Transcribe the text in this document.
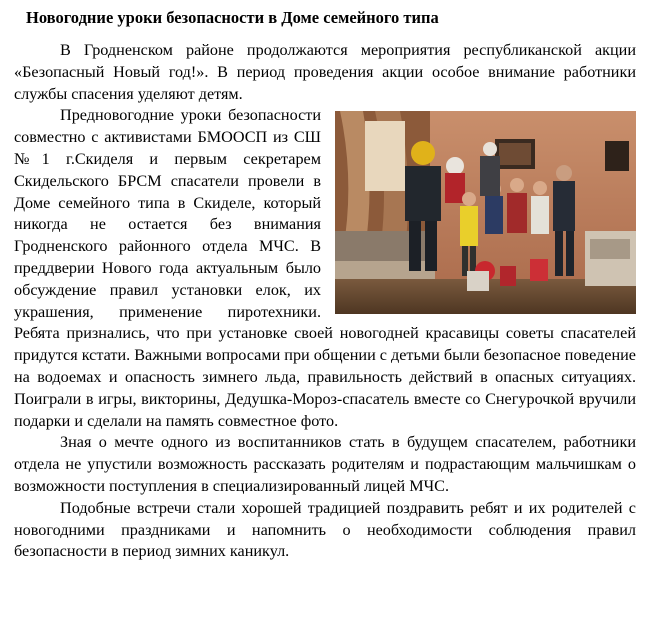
Новогодние уроки безопасности в Доме семейного типа

В Гродненском районе продолжаются мероприятия республиканской акции «Безопасный Новый год!». В период проведения акции особое внимание работники службы спасения уделяют детям.

Предновогодние уроки безопасности совместно с активистами БМООСП из СШ №1 г.Скиделя и первым секретарем Скидельского БРСМ спасатели провели в Доме семейного типа в Скиделе, который никогда не остается без внимания Гродненского районного отдела МЧС. В преддверии Нового года актуальным было обсуждение правил установки елок, их украшения, применение пиротехники. Ребята признались, что при установке своей новогодней красавицы советы спасателей придутся кстати. Важными вопросами при общении с детьми были безопасное поведение на водоемах и опасность зимнего льда, правильность действий в опасных ситуациях. Поиграли в игры, викторины, Дедушка-Мороз-спасатель вместе со Снегурочкой вручили подарки и сделали на память совместное фото.

Зная о мечте одного из воспитанников стать в будущем спасателем, работники отдела не упустили возможность рассказать родителям и подрастающим мальчишкам о возможности поступления в специализированный лицей МЧС.

Подобные встречи стали хорошей традицией поздравить ребят и их родителей с новогодними праздниками и напомнить о необходимости соблюдения правил безопасности в период зимних каникул.
